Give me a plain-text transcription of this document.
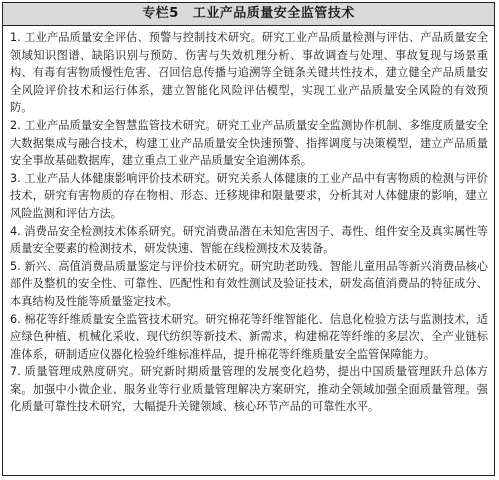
专栏5 工业产品质量安全监管技术

1. 工业产品质量安全评估、预警与控制技术研究。研究工业产品质量检测与评估、产品质量安全领域知识图谱、缺陷识别与预防、伤害与失效机理分析、事故调查与处理、事故复现与场景重构、有毒有害物质慢性危害、召回信息传播与追溯等全链条关键共性技术，建立健全产品质量安全风险评价技术和运行体系，建立智能化风险评估模型，实现工业产品质量安全风险的有效预防。

2. 工业产品质量安全智慧监管技术研究。研究工业产品质量安全监测协作机制、多维度质量安全大数据集成与融合技术，构建工业产品质量安全快速预警、指挥调度与决策模型，建立产品质量安全事故基础数据库，建立重点工业产品质量安全追溯体系。

3. 工业产品人体健康影响评价技术研究。研究关系人体健康的工业产品中有害物质的检测与评价技术，研究有害物质的存在物相、形态、迁移规律和限量要求，分析其对人体健康的影响，建立风险监测和评估方法。

4. 消费品安全检测技术体系研究。研究消费品潜在未知危害因子、毒性、组件安全及真实属性等质量安全要素的检测技术，研发快速、智能在线检测技术及装备。

5. 新兴、高值消费品质量鉴定与评价技术研究。研究助老助残、智能儿童用品等新兴消费品核心部件及整机的安全性、可靠性、匹配性和有效性测试及验证技术，研发高值消费品的特征成分、本真结构及性能等质量鉴定技术。

6. 棉花等纤维质量安全监管技术研究。研究棉花等纤维智能化、信息化检验方法与监测技术，适应绿色种植、机械化采收、现代纺织等新技术、新需求，构建棉花等纤维的多层次、全产业链标准体系，研制适应仪器化检验纤维标准样品，提升棉花等纤维质量安全监管保障能力。

7. 质量管理成熟度研究。研究新时期质量管理的发展变化趋势，提出中国质量管理跃升总体方案。加强中小微企业、服务业等行业质量管理解决方案研究，推动全领域加强全面质量管理。强化质量可靠性技术研究，大幅提升关键领域、核心环节产品的可靠性水平。
